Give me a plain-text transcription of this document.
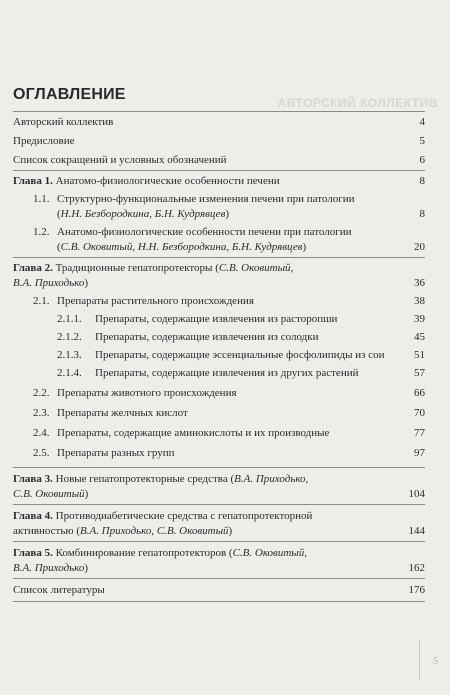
АВТОРСКИЙ КОЛЛЕКТИВ
5
ОГЛАВЛЕНИЕ
Авторский коллектив	4
Предисловие	5
Список сокращений и условных обозначений	6
Глава 1. Анатомо-физиологические особенности печени	8
1.1. Структурно-функциональные изменения печени при патологии
(Н.Н. Безбородкина, Б.Н. Кудрявцев)	8
1.2. Анатомо-физиологические особенности печени при патологии
(С.В. Оковитый, Н.Н. Безбородкина, Б.Н. Кудрявцев)	20
Глава 2. Традиционные гепатопротекторы (С.В. Оковитый,
В.А. Приходько)	36
2.1. Препараты растительного происхождения	38
2.1.1. Препараты, содержащие извлечения из расторопши	39
2.1.2. Препараты, содержащие извлечения из солодки	45
2.1.3. Препараты, содержащие эссенциальные фосфолипиды из сои	51
2.1.4. Препараты, содержащие извлечения из других растений	57
2.2. Препараты животного происхождения	66
2.3. Препараты желчных кислот	70
2.4. Препараты, содержащие аминокислоты и их производные	77
2.5. Препараты разных групп	97
Глава 3. Новые гепатопротекторные средства (В.А. Приходько,
С.В. Оковитый)	104
Глава 4. Противодиабетические средства с гепатопротекторной
активностью (В.А. Приходько, С.В. Оковитый)	144
Глава 5. Комбинирование гепатопротекторов (С.В. Оковитый,
В.А. Приходько)	162
Список литературы	176
